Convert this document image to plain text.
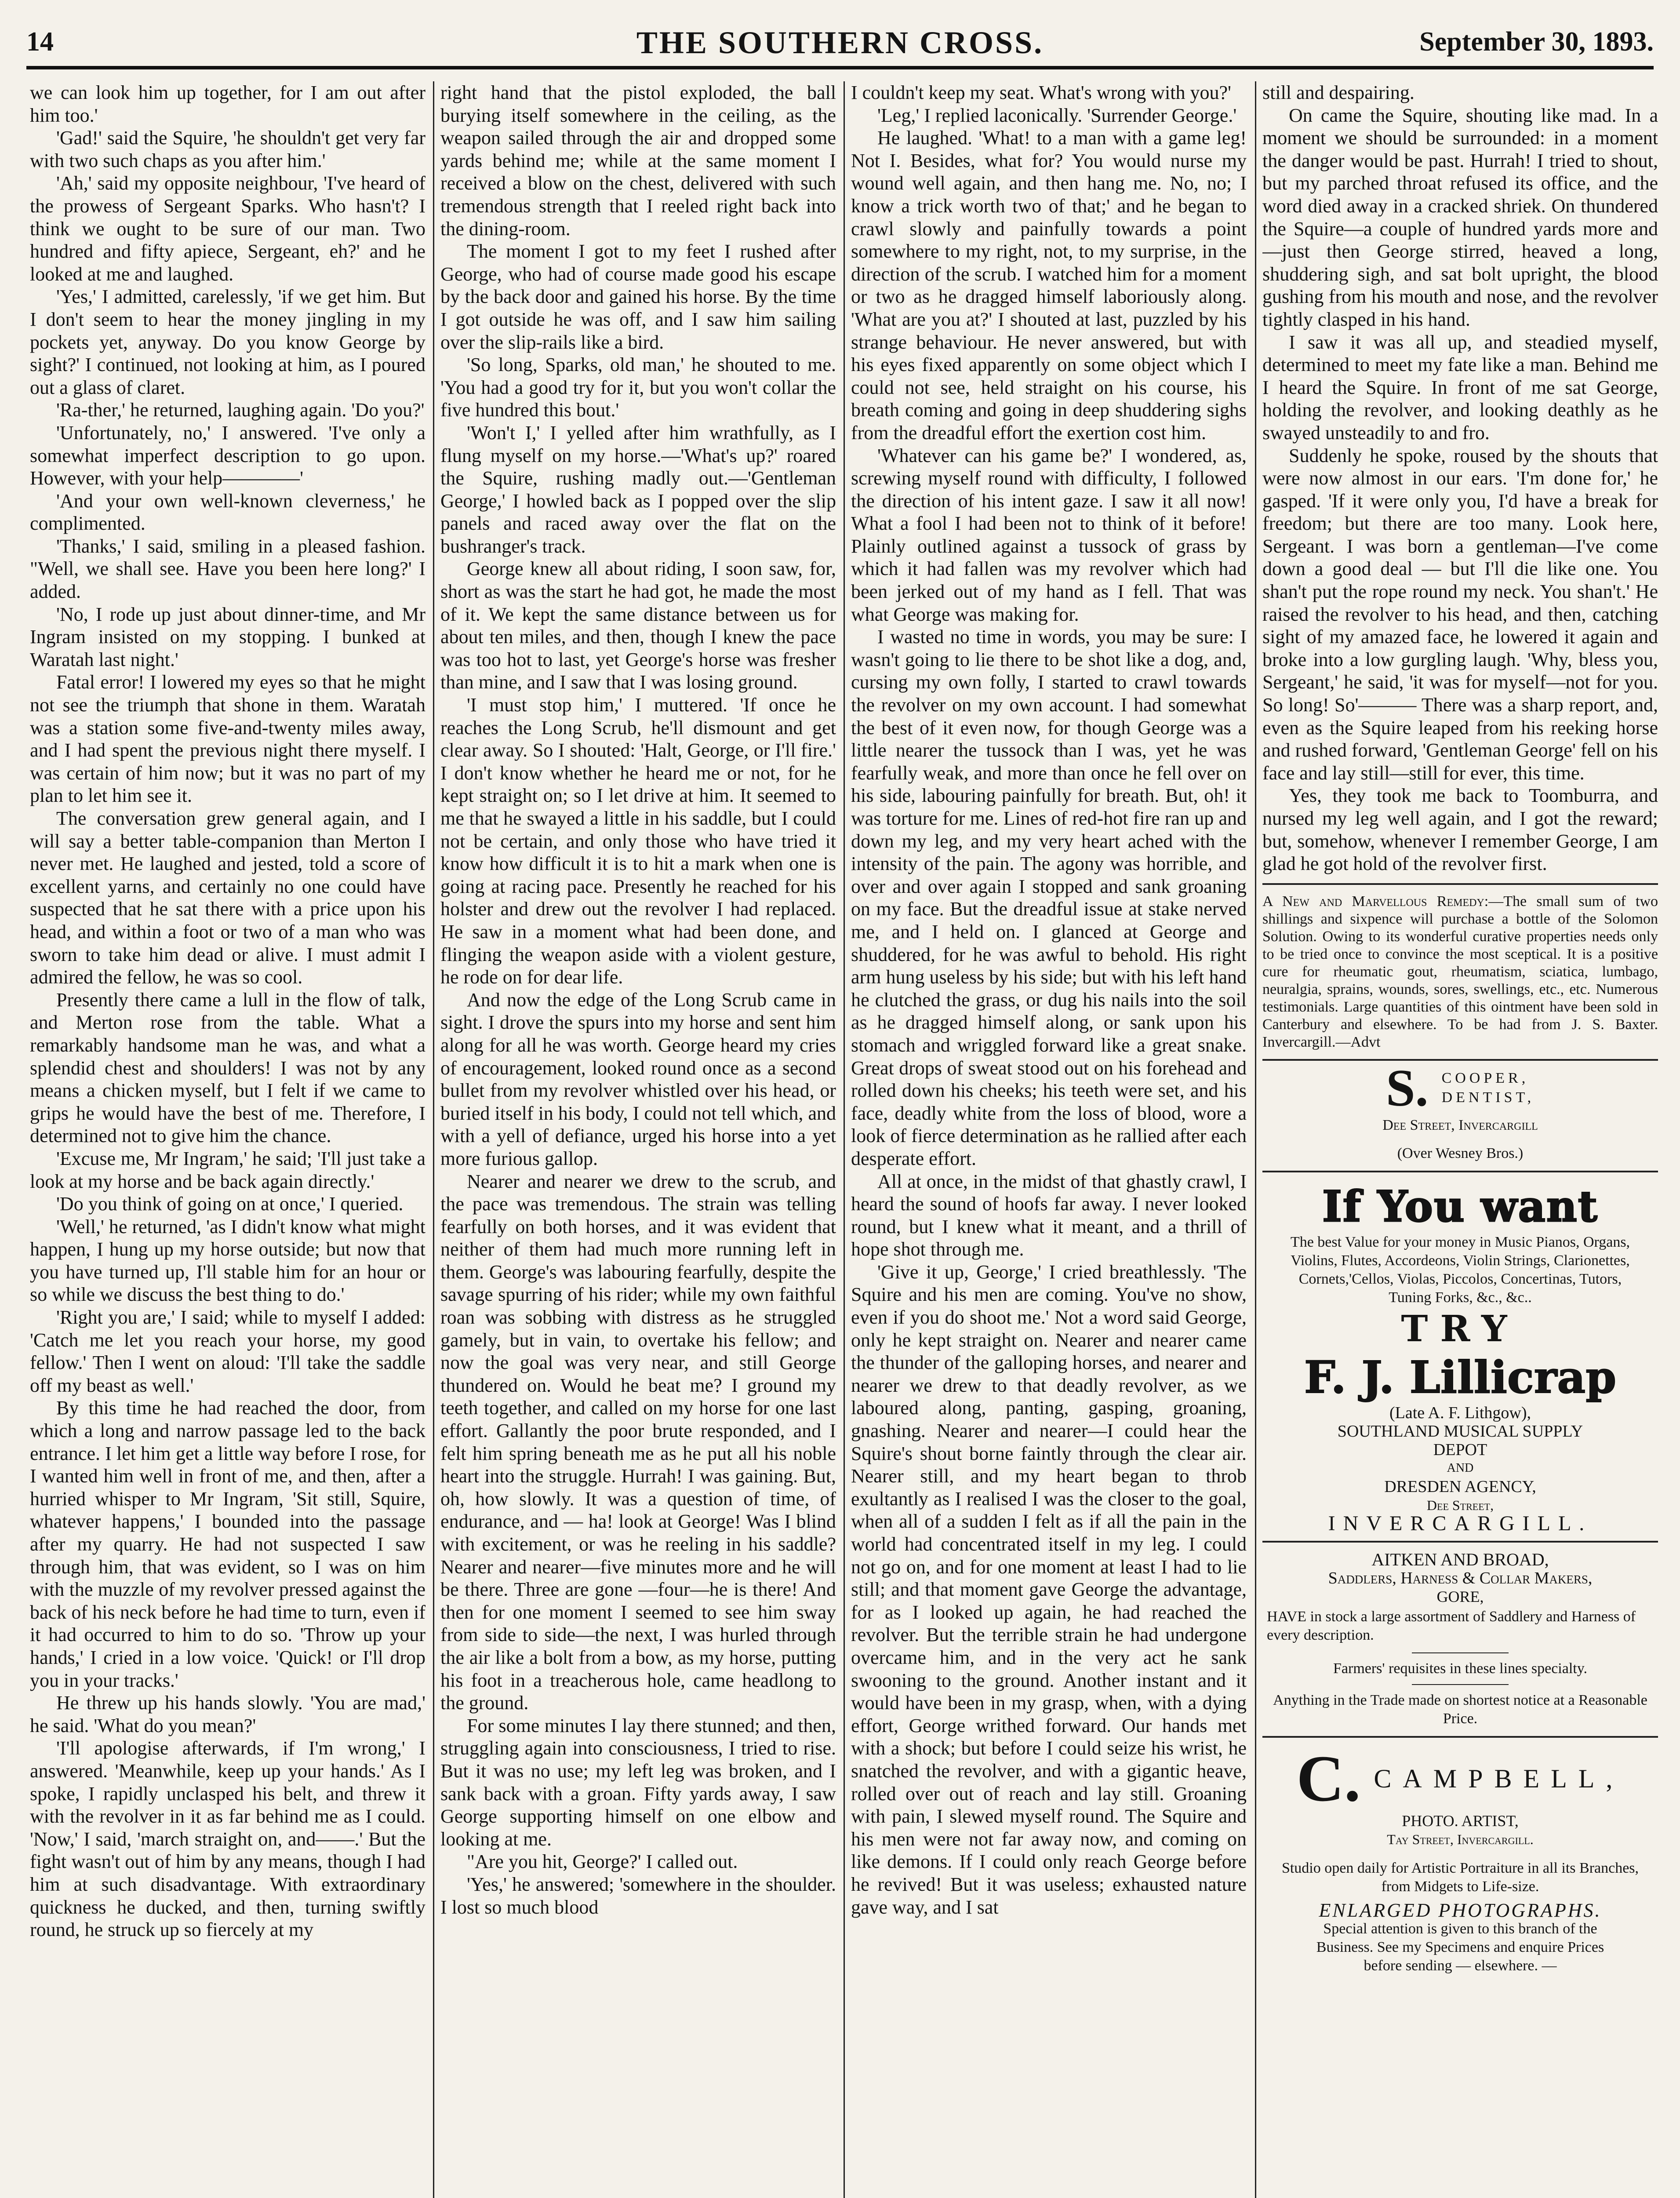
14	THE SOUTHERN CROSS.	September 30, 1893.

we can look him up together, for I am out after him too.'

'Gad!' said the Squire, 'he shouldn't get very far with two such chaps as you after him.'

'Ah,' said my opposite neighbour, 'I've heard of the prowess of Sergeant Sparks. Who hasn't? I think we ought to be sure of our man. Two hundred and fifty apiece, Sergeant, eh?' and he looked at me and laughed.

'Yes,' I admitted, carelessly, 'if we get him. But I don't seem to hear the money jingling in my pockets yet, anyway. Do you know George by sight?' I continued, not looking at him, as I poured out a glass of claret.

'Ra-ther,' he returned, laughing again. 'Do you?'

'Unfortunately, no,' I answered. 'I've only a somewhat imperfect description to go upon. However, with your help————'

'And your own well-known cleverness,' he complimented.

'Thanks,' I said, smiling in a pleased fashion. "Well, we shall see. Have you been here long?' I added.

'No, I rode up just about dinner-time, and Mr Ingram insisted on my stopping. I bunked at Waratah last night.'

Fatal error! I lowered my eyes so that he might not see the triumph that shone in them. Waratah was a station some five-and-twenty miles away, and I had spent the previous night there myself. I was certain of him now; but it was no part of my plan to let him see it.

The conversation grew general again, and I will say a better table-companion than Merton I never met. He laughed and jested, told a score of excellent yarns, and certainly no one could have suspected that he sat there with a price upon his head, and within a foot or two of a man who was sworn to take him dead or alive. I must admit I admired the fellow, he was so cool.

Presently there came a lull in the flow of talk, and Merton rose from the table. What a remarkably handsome man he was, and what a splendid chest and shoulders! I was not by any means a chicken myself, but I felt if we came to grips he would have the best of me. Therefore, I determined not to give him the chance.

'Excuse me, Mr Ingram,' he said; 'I'll just take a look at my horse and be back again directly.'

'Do you think of going on at once,' I queried.

'Well,' he returned, 'as I didn't know what might happen, I hung up my horse outside; but now that you have turned up, I'll stable him for an hour or so while we discuss the best thing to do.'

'Right you are,' I said; while to myself I added: 'Catch me let you reach your horse, my good fellow.' Then I went on aloud: 'I'll take the saddle off my beast as well.'

By this time he had reached the door, from which a long and narrow passage led to the back entrance. I let him get a little way before I rose, for I wanted him well in front of me, and then, after a hurried whisper to Mr Ingram, 'Sit still, Squire, whatever happens,' I bounded into the passage after my quarry. He had not suspected I saw through him, that was evident, so I was on him with the muzzle of my revolver pressed against the back of his neck before he had time to turn, even if it had occurred to him to do so. 'Throw up your hands,' I cried in a low voice. 'Quick! or I'll drop you in your tracks.'

He threw up his hands slowly. 'You are mad,' he said. 'What do you mean?'

'I'll apologise afterwards, if I'm wrong,' I answered. 'Meanwhile, keep up your hands.' As I spoke, I rapidly unclasped his belt, and threw it with the revolver in it as far behind me as I could. 'Now,' I said, 'march straight on, and——.' But the fight wasn't out of him by any means, though I had him at such disadvantage. With extraordinary quickness he ducked, and then, turning swiftly round, he struck up so fiercely at my

right hand that the pistol exploded, the ball burying itself somewhere in the ceiling, as the weapon sailed through the air and dropped some yards behind me; while at the same moment I received a blow on the chest, delivered with such tremendous strength that I reeled right back into the dining-room.

The moment I got to my feet I rushed after George, who had of course made good his escape by the back door and gained his horse. By the time I got outside he was off, and I saw him sailing over the slip-rails like a bird.

'So long, Sparks, old man,' he shouted to me. 'You had a good try for it, but you won't collar the five hundred this bout.'

'Won't I,' I yelled after him wrathfully, as I flung myself on my horse.—'What's up?' roared the Squire, rushing madly out.—'Gentleman George,' I howled back as I popped over the slip panels and raced away over the flat on the bushranger's track.

George knew all about riding, I soon saw, for, short as was the start he had got, he made the most of it. We kept the same distance between us for about ten miles, and then, though I knew the pace was too hot to last, yet George's horse was fresher than mine, and I saw that I was losing ground.

'I must stop him,' I muttered. 'If once he reaches the Long Scrub, he'll dismount and get clear away. So I shouted: 'Halt, George, or I'll fire.' I don't know whether he heard me or not, for he kept straight on; so I let drive at him. It seemed to me that he swayed a little in his saddle, but I could not be certain, and only those who have tried it know how difficult it is to hit a mark when one is going at racing pace. Presently he reached for his holster and drew out the revolver I had replaced. He saw in a moment what had been done, and flinging the weapon aside with a violent gesture, he rode on for dear life.

And now the edge of the Long Scrub came in sight. I drove the spurs into my horse and sent him along for all he was worth. George heard my cries of encouragement, looked round once as a second bullet from my revolver whistled over his head, or buried itself in his body, I could not tell which, and with a yell of defiance, urged his horse into a yet more furious gallop.

Nearer and nearer we drew to the scrub, and the pace was tremendous. The strain was telling fearfully on both horses, and it was evident that neither of them had much more running left in them. George's was labouring fearfully, despite the savage spurring of his rider; while my own faithful roan was sobbing with distress as he struggled gamely, but in vain, to overtake his fellow; and now the goal was very near, and still George thundered on. Would he beat me? I ground my teeth together, and called on my horse for one last effort. Gallantly the poor brute responded, and I felt him spring beneath me as he put all his noble heart into the struggle. Hurrah! I was gaining. But, oh, how slowly. It was a question of time, of endurance, and — ha! look at George! Was I blind with excitement, or was he reeling in his saddle? Nearer and nearer—five minutes more and he will be there. Three are gone —four—he is there! And then for one moment I seemed to see him sway from side to side—the next, I was hurled through the air like a bolt from a bow, as my horse, putting his foot in a treacherous hole, came headlong to the ground.

For some minutes I lay there stunned; and then, struggling again into consciousness, I tried to rise. But it was no use; my left leg was broken, and I sank back with a groan. Fifty yards away, I saw George supporting himself on one elbow and looking at me.

"Are you hit, George?' I called out.

'Yes,' he answered; 'somewhere in the shoulder. I lost so much blood

I couldn't keep my seat. What's wrong with you?'

'Leg,' I replied laconically. 'Surrender George.'

He laughed. 'What! to a man with a game leg! Not I. Besides, what for? You would nurse my wound well again, and then hang me. No, no; I know a trick worth two of that;' and he began to crawl slowly and painfully towards a point somewhere to my right, not, to my surprise, in the direction of the scrub. I watched him for a moment or two as he dragged himself laboriously along. 'What are you at?' I shouted at last, puzzled by his strange behaviour. He never answered, but with his eyes fixed apparently on some object which I could not see, held straight on his course, his breath coming and going in deep shuddering sighs from the dreadful effort the exertion cost him.

'Whatever can his game be?' I wondered, as, screwing myself round with difficulty, I followed the direction of his intent gaze. I saw it all now! What a fool I had been not to think of it before! Plainly outlined against a tussock of grass by which it had fallen was my revolver which had been jerked out of my hand as I fell. That was what George was making for.

I wasted no time in words, you may be sure: I wasn't going to lie there to be shot like a dog, and, cursing my own folly, I started to crawl towards the revolver on my own account. I had somewhat the best of it even now, for though George was a little nearer the tussock than I was, yet he was fearfully weak, and more than once he fell over on his side, labouring painfully for breath. But, oh! it was torture for me. Lines of red-hot fire ran up and down my leg, and my very heart ached with the intensity of the pain. The agony was horrible, and over and over again I stopped and sank groaning on my face. But the dreadful issue at stake nerved me, and I held on. I glanced at George and shuddered, for he was awful to behold. His right arm hung useless by his side; but with his left hand he clutched the grass, or dug his nails into the soil as he dragged himself along, or sank upon his stomach and wriggled forward like a great snake. Great drops of sweat stood out on his forehead and rolled down his cheeks; his teeth were set, and his face, deadly white from the loss of blood, wore a look of fierce determination as he rallied after each desperate effort.

All at once, in the midst of that ghastly crawl, I heard the sound of hoofs far away. I never looked round, but I knew what it meant, and a thrill of hope shot through me.

'Give it up, George,' I cried breathlessly. 'The Squire and his men are coming. You've no show, even if you do shoot me.' Not a word said George, only he kept straight on. Nearer and nearer came the thunder of the galloping horses, and nearer and nearer we drew to that deadly revolver, as we laboured along, panting, gasping, groaning, gnashing. Nearer and nearer—I could hear the Squire's shout borne faintly through the clear air. Nearer still, and my heart began to throb exultantly as I realised I was the closer to the goal, when all of a sudden I felt as if all the pain in the world had concentrated itself in my leg. I could not go on, and for one moment at least I had to lie still; and that moment gave George the advantage, for as I looked up again, he had reached the revolver. But the terrible strain he had undergone overcame him, and in the very act he sank swooning to the ground. Another instant and it would have been in my grasp, when, with a dying effort, George writhed forward. Our hands met with a shock; but before I could seize his wrist, he snatched the revolver, and with a gigantic heave, rolled over out of reach and lay still. Groaning with pain, I slewed myself round. The Squire and his men were not far away now, and coming on like demons. If I could only reach George before he revived! But it was useless; exhausted nature gave way, and I sat

still and despairing.

On came the Squire, shouting like mad. In a moment we should be surrounded: in a moment the danger would be past. Hurrah! I tried to shout, but my parched throat refused its office, and the word died away in a cracked shriek. On thundered the Squire—a couple of hundred yards more and—just then George stirred, heaved a long, shuddering sigh, and sat bolt upright, the blood gushing from his mouth and nose, and the revolver tightly clasped in his hand.

I saw it was all up, and steadied myself, determined to meet my fate like a man. Behind me I heard the Squire. In front of me sat George, holding the revolver, and looking deathly as he swayed unsteadily to and fro.

Suddenly he spoke, roused by the shouts that were now almost in our ears. 'I'm done for,' he gasped. 'If it were only you, I'd have a break for freedom; but there are too many. Look here, Sergeant. I was born a gentleman—I've come down a good deal — but I'll die like one. You shan't put the rope round my neck. You shan't.' He raised the revolver to his head, and then, catching sight of my amazed face, he lowered it again and broke into a low gurgling laugh. 'Why, bless you, Sergeant,' he said, 'it was for myself—not for you. So long! So'——— There was a sharp report, and, even as the Squire leaped from his reeking horse and rushed forward, 'Gentleman George' fell on his face and lay still—still for ever, this time.

Yes, they took me back to Toomburra, and nursed my leg well again, and I got the reward; but, somehow, whenever I remember George, I am glad he got hold of the revolver first.

A New and Marvellous Remedy:—The small sum of two shillings and sixpence will purchase a bottle of the Solomon Solution. Owing to its wonderful curative properties needs only to be tried once to convince the most sceptical. It is a positive cure for rheumatic gout, rheumatism, sciatica, lumbago, neuralgia, sprains, wounds, sores, swellings, etc., etc. Numerous testimonials. Large quantities of this ointment have been sold in Canterbury and elsewhere. To be had from J. S. Baxter. Invercargill.—Advt
S. COOPER,
DENTIST,
Dee Street, Invercargill
(Over Wesney Bros.)
If You want
The best Value for your money in Music Pianos, Organs, Violins, Flutes, Accordeons, Violin Strings, Clarionettes, Cornets,'Cellos, Violas, Piccolos, Concertinas, Tutors, Tuning Forks, &c., &c..
TRY
F. J. Lillicrap
(Late A. F. Lithgow),
SOUTHLAND MUSICAL SUPPLY
DEPOT
AND
DRESDEN AGENCY,
Dee Street,
INVERCARGILL.
AITKEN AND BROAD,
Saddlers, Harness & Collar Makers,
GORE,
HAVE in stock a large assortment of Saddlery and Harness of every description.
Farmers' requisites in these lines specialty.
Anything in the Trade made on shortest notice at a Reasonable Price.
C. CAMPBELL,
PHOTO. ARTIST,
Tay Street, Invercargill.
Studio open daily for Artistic Portraiture in all its Branches, from Midgets to Life-size.
ENLARGED PHOTOGRAPHS.
Special attention is given to this branch of the Business. See my Specimens and enquire Prices before sending — elsewhere. —
